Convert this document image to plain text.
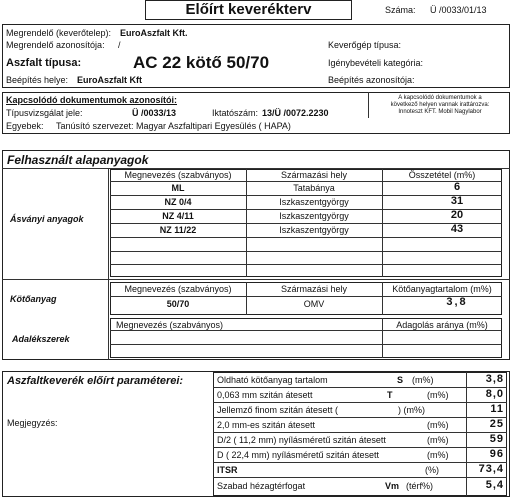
Előírt keverékterv	Száma: Ü /0033/01/13
Megrendelő (keverőtelep): EuroAszfalt Kft.
Megrendelő azonosítója: /	Keverőgép típusa:
Aszfalt típusa:	AC 22 kötő 50/70	Igénybevételi kategória:
Beépítés helye: EuroAszfalt Kft	Beépítés azonosítója:
Kapcsolódó dokumentumok azonosítói:
Típusvizsgálat jele:	Ü /0033/13	Iktatószám: 13/Ü /0072.2230
Egyebek: Tanúsító szervezet: Magyar Aszfaltipari Egyesülés ( HAPA)
A kapcsolódó dokumentumok a
következő helyen vannak irattározva:
Innoteszt KFT. Mobil Nagylabor
Felhasznált alapanyagok
Ásványi anyagok
Megnevezés (szabványos)	Származási hely	Összetétel (m%)
ML	Tatabánya	6
NZ 0/4	Iszkaszentgyörgy	31
NZ 4/11	Iszkaszentgyörgy	20
NZ 11/22	Iszkaszentgyörgy	43
Kötőanyag
Megnevezés (szabványos)	Származási hely	Kötőanyagtartalom (m%)
50/70	OMV	3,8
Adalékszerek
Megnevezés (szabványos)	Adagolás aránya (m%)
Aszfaltkeverék előírt paraméterei:
Megjegyzés:
Oldható kötőanyag tartalom	S (m%)	3,8
0,063 mm szitán átesett	T	(m%)	8,0
Jellemző finom szitán átesett (	) (m%)	11
2,0 mm-es szitán átesett	(m%)	25
D/2 ( 11,2 mm) nyílásméretű szitán átesett	(m%)	59
D ( 22,4 mm) nyílásméretű szitán átesett	(m%)	96
ITSR	(%)	73,4
Szabad hézagtérfogat	Vm (térf%)	5,4
